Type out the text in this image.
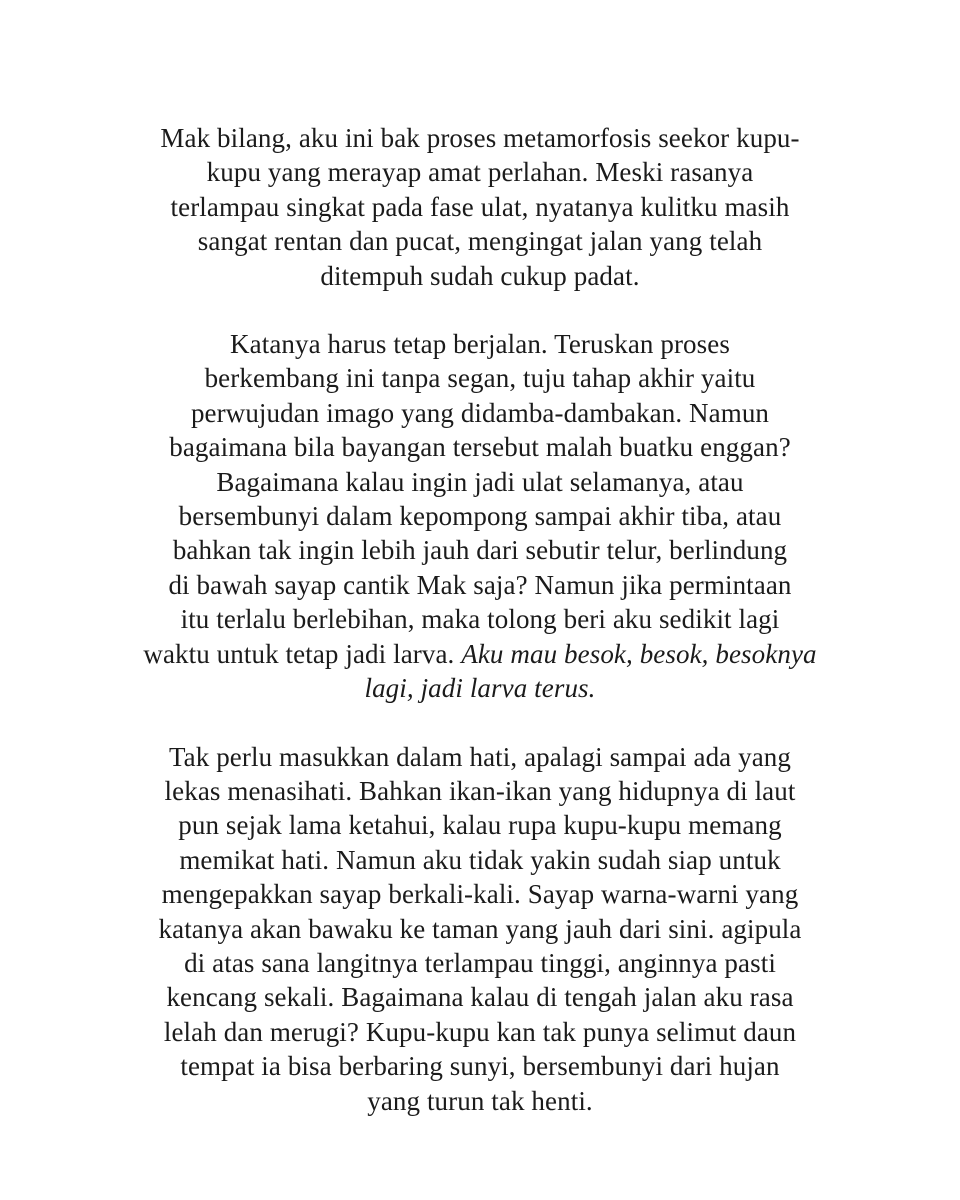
Mak bilang, aku ini bak proses metamorfosis seekor kupu-
kupu yang merayap amat perlahan. Meski rasanya
terlampau singkat pada fase ulat, nyatanya kulitku masih
sangat rentan dan pucat, mengingat jalan yang telah
ditempuh sudah cukup padat.

Katanya harus tetap berjalan. Teruskan proses
berkembang ini tanpa segan, tuju tahap akhir yaitu
perwujudan imago yang didamba-dambakan. Namun
bagaimana bila bayangan tersebut malah buatku enggan?
Bagaimana kalau ingin jadi ulat selamanya, atau
bersembunyi dalam kepompong sampai akhir tiba, atau
bahkan tak ingin lebih jauh dari sebutir telur, berlindung
di bawah sayap cantik Mak saja? Namun jika permintaan
itu terlalu berlebihan, maka tolong beri aku sedikit lagi
waktu untuk tetap jadi larva. Aku mau besok, besok, besoknya
lagi, jadi larva terus.

Tak perlu masukkan dalam hati, apalagi sampai ada yang
lekas menasihati. Bahkan ikan-ikan yang hidupnya di laut
pun sejak lama ketahui, kalau rupa kupu-kupu memang
memikat hati. Namun aku tidak yakin sudah siap untuk
mengepakkan sayap berkali-kali. Sayap warna-warni yang
katanya akan bawaku ke taman yang jauh dari sini. agipula
di atas sana langitnya terlampau tinggi, anginnya pasti
kencang sekali. Bagaimana kalau di tengah jalan aku rasa
lelah dan merugi? Kupu-kupu kan tak punya selimut daun
tempat ia bisa berbaring sunyi, bersembunyi dari hujan
yang turun tak henti.
